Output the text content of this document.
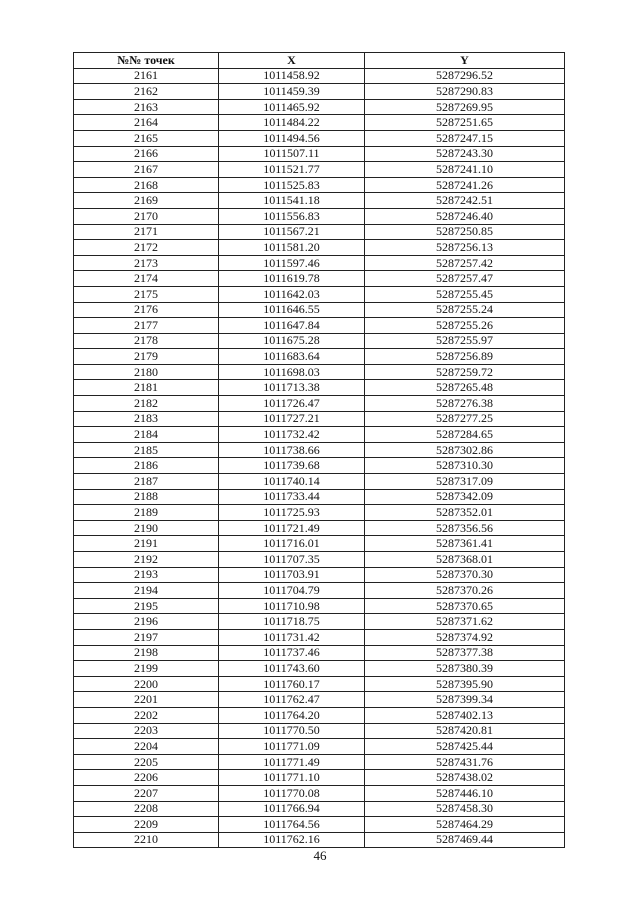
№№ точек	X	Y
2161	1011458.92	5287296.52
2162	1011459.39	5287290.83
2163	1011465.92	5287269.95
2164	1011484.22	5287251.65
2165	1011494.56	5287247.15
2166	1011507.11	5287243.30
2167	1011521.77	5287241.10
2168	1011525.83	5287241.26
2169	1011541.18	5287242.51
2170	1011556.83	5287246.40
2171	1011567.21	5287250.85
2172	1011581.20	5287256.13
2173	1011597.46	5287257.42
2174	1011619.78	5287257.47
2175	1011642.03	5287255.45
2176	1011646.55	5287255.24
2177	1011647.84	5287255.26
2178	1011675.28	5287255.97
2179	1011683.64	5287256.89
2180	1011698.03	5287259.72
2181	1011713.38	5287265.48
2182	1011726.47	5287276.38
2183	1011727.21	5287277.25
2184	1011732.42	5287284.65
2185	1011738.66	5287302.86
2186	1011739.68	5287310.30
2187	1011740.14	5287317.09
2188	1011733.44	5287342.09
2189	1011725.93	5287352.01
2190	1011721.49	5287356.56
2191	1011716.01	5287361.41
2192	1011707.35	5287368.01
2193	1011703.91	5287370.30
2194	1011704.79	5287370.26
2195	1011710.98	5287370.65
2196	1011718.75	5287371.62
2197	1011731.42	5287374.92
2198	1011737.46	5287377.38
2199	1011743.60	5287380.39
2200	1011760.17	5287395.90
2201	1011762.47	5287399.34
2202	1011764.20	5287402.13
2203	1011770.50	5287420.81
2204	1011771.09	5287425.44
2205	1011771.49	5287431.76
2206	1011771.10	5287438.02
2207	1011770.08	5287446.10
2208	1011766.94	5287458.30
2209	1011764.56	5287464.29
2210	1011762.16	5287469.44
46
